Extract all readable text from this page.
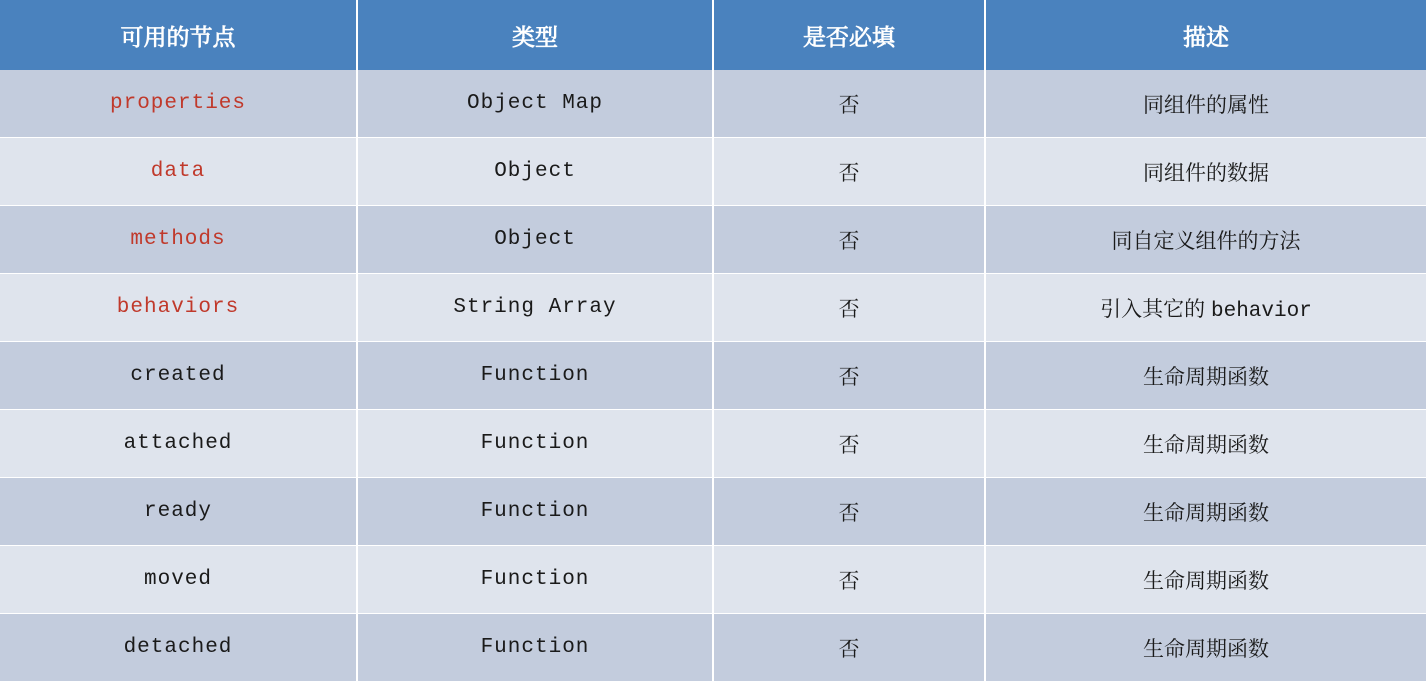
可用的节点	类型	是否必填	描述
properties	Object Map	否	同组件的属性
data	Object	否	同组件的数据
methods	Object	否	同自定义组件的方法
behaviors	String Array	否	引入其它的 behavior
created	Function	否	生命周期函数
attached	Function	否	生命周期函数
ready	Function	否	生命周期函数
moved	Function	否	生命周期函数
detached	Function	否	生命周期函数
